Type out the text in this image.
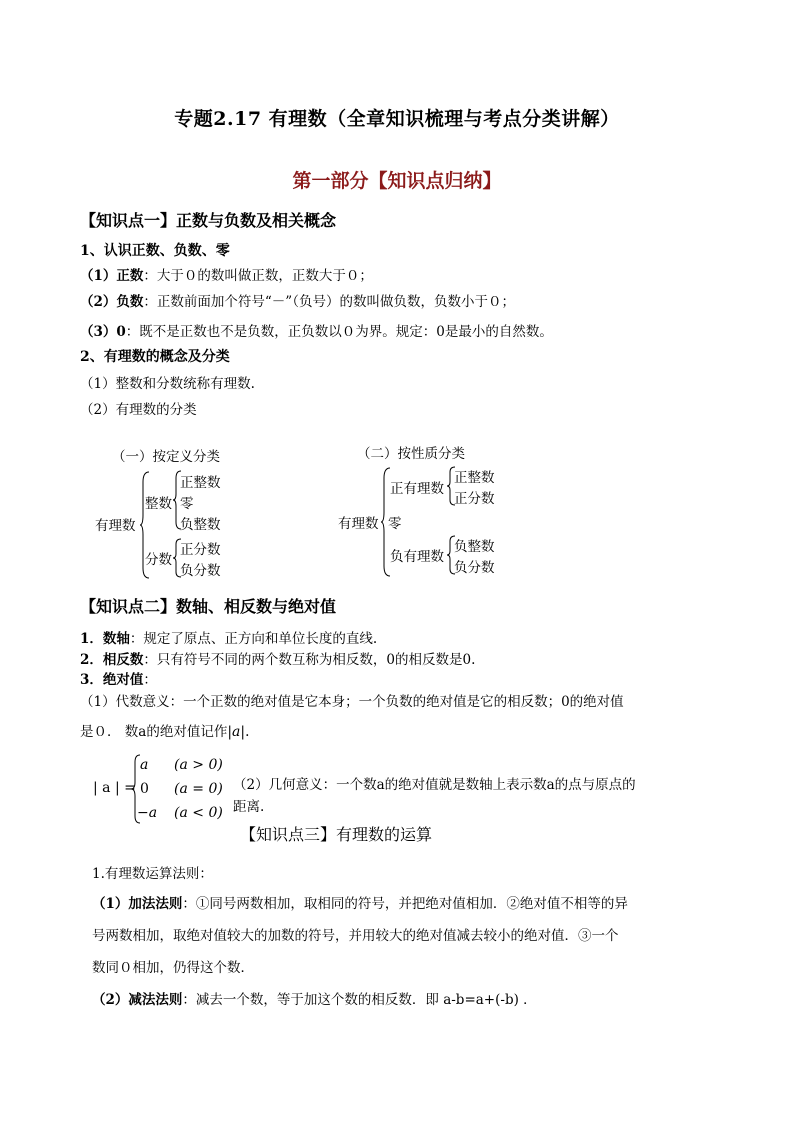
专题2.17 有理数（全章知识梳理与考点分类讲解）
第一部分【知识点归纳】
【知识点一】正数与负数及相关概念
1、认识正数、负数、零
（1）正数：大于０的数叫做正数，正数大于０；
（2）负数：正数前面加个符号“－”（负号）的数叫做负数，负数小于０；
（3）0：既不是正数也不是负数，正负数以０为界。规定：0是最小的自然数。
2、有理数的概念及分类
（1）整数和分数统称有理数.
（2）有理数的分类
（一）按定义分类
有理数
整数
正整数
零
负整数
分数
正分数
负分数
（二）按性质分类
有理数
正有理数
正整数
正分数
零
负有理数
负整数
负分数
【知识点二】数轴、相反数与绝对值
1．数轴：规定了原点、正方向和单位长度的直线.
2．相反数：只有符号不同的两个数互称为相反数，0的相反数是0.
3．绝对值：
（1）代数意义：一个正数的绝对值是它本身；一个负数的绝对值是它的相反数；0的绝对值
是０． 数a的绝对值记作|a|.
| a | =
a (a > 0)
0 (a = 0)
−a (a < 0)
（2）几何意义：一个数a的绝对值就是数轴上表示数a的点与原点的
距离.
【知识点三】有理数的运算
1.有理数运算法则：
（1）加法法则：①同号两数相加，取相同的符号，并把绝对值相加．②绝对值不相等的异
号两数相加，取绝对值较大的加数的符号，并用较大的绝对值减去较小的绝对值．③一个
数同０相加，仍得这个数．
（2）减法法则：减去一个数，等于加这个数的相反数．即 a-b=a+(-b) ．
